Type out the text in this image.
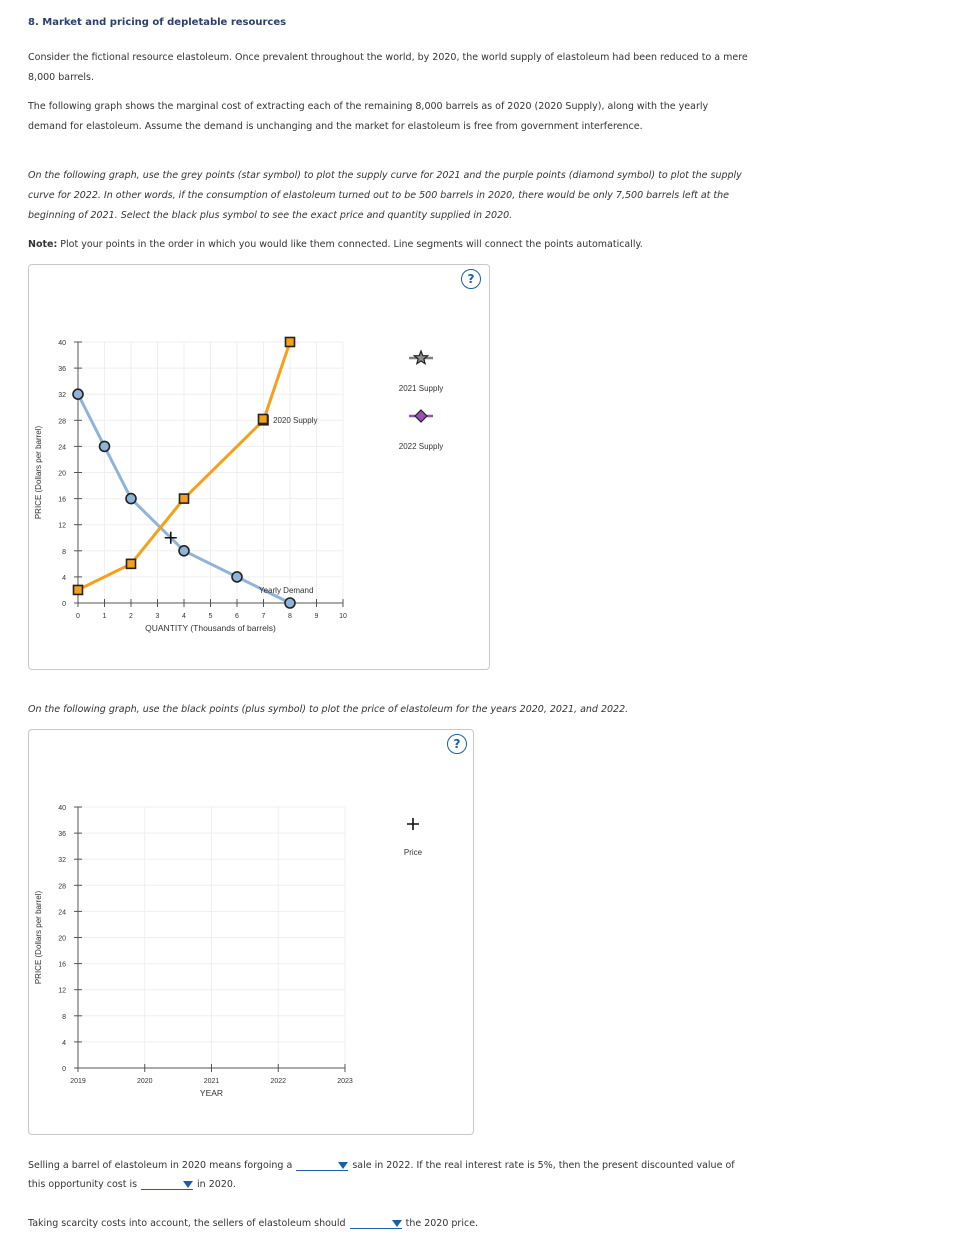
8. Market and pricing of depletable resources
Consider the fictional resource elastoleum. Once prevalent throughout the world, by 2020, the world supply of elastoleum had been reduced to a mere
8,000 barrels.
The following graph shows the marginal cost of extracting each of the remaining 8,000 barrels as of 2020 (2020 Supply), along with the yearly
demand for elastoleum. Assume the demand is unchanging and the market for elastoleum is free from government interference.
On the following graph, use the grey points (star symbol) to plot the supply curve for 2021 and the purple points (diamond symbol) to plot the supply
curve for 2022. In other words, if the consumption of elastoleum turned out to be 500 barrels in 2020, there would be only 7,500 barrels left at the
beginning of 2021. Select the black plus symbol to see the exact price and quantity supplied in 2020.
Note: Plot your points in the order in which you would like them connected. Line segments will connect the points automatically.
?
0
4
8
12
16
20
24
28
32
36
40
0	1	2	3	4	5	6	7	8	9	10
PRICE (Dollars per barrel)
QUANTITY (Thousands of barrels)
2020 Supply
Yearly Demand
2021 Supply
2022 Supply
On the following graph, use the black points (plus symbol) to plot the price of elastoleum for the years 2020, 2021, and 2022.
?
0
4
8
12
16
20
24
28
32
36
40
2019	2020	2021	2022	2023
PRICE (Dollars per barrel)
YEAR
Price
Selling a barrel of elastoleum in 2020 means forgoing a	sale in 2022. If the real interest rate is 5%, then the present discounted value of
this opportunity cost is	in 2020.
Taking scarcity costs into account, the sellers of elastoleum should	the 2020 price.
